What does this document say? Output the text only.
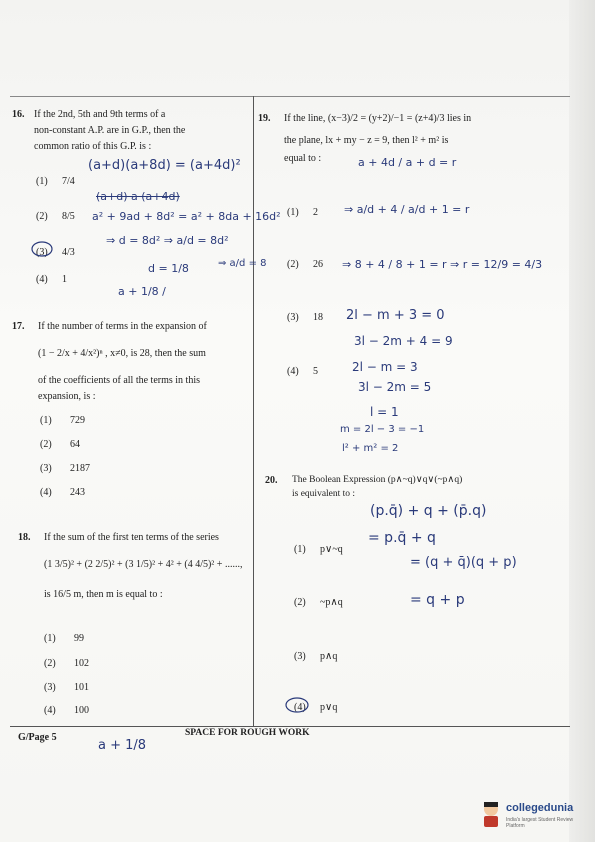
16. If the 2nd, 5th and 9th terms of a
non-constant A.P. are in G.P., then the
common ratio of this G.P. is :
(1) 7/4
(2) 8/5
(3) 4/3
(4) 1
17. If the number of terms in the expansion of
(1 − 2/x + 4/x²)ⁿ , x≠0, is 28, then the sum
of the coefficients of all the terms in this
expansion, is :
(1) 729
(2) 64
(3) 2187
(4) 243
18. If the sum of the first ten terms of the series
(1 3/5)² + (2 2/5)² + (3 1/5)² + 4² + (4 4/5)² + ......,
is 16/5 m, then m is equal to :
(1) 99
(2) 102
(3) 101
(4) 100
19. If the line, (x−3)/2 = (y+2)/−1 = (z+4)/3 lies in
the plane, lx + my − z = 9, then l² + m² is
equal to :
(1) 2
(2) 26
(3) 18
(4) 5
20. The Boolean Expression (p∧~q)∨q∨(~p∧q)
is equivalent to :
(1) p∨~q
(2) ~p∧q
(3) p∧q
(4) p∨q
G/Page 5	SPACE FOR ROUGH WORK
(a+d)(a+8d) = (a+4d)²
(a+d) a (a+4d)
a² + 9ad + 8d² = a² + 8da + 16d²
⇒ d = 8d² ⇒ a/d = 8d²
d = 1/8	⇒ a/d = 8
a + 1/8 /
a + 4d / a + d = r
⇒ a/d + 4 / a/d + 1 = r
⇒ 8 + 4 / 8 + 1 = r ⇒ r = 12/9 = 4/3
2l − m + 3 = 0
3l − 2m + 4 = 9
2l − m = 3
3l − 2m = 5
l = 1
m = 2l − 3 = −1
l² + m² = 2
(p.q̄) + q + (p̄.q)
= p.q̄ + q
= (q + q̄)(q + p)
= q + p
a + 1/8
collegedunia
India's largest Student Review Platform
